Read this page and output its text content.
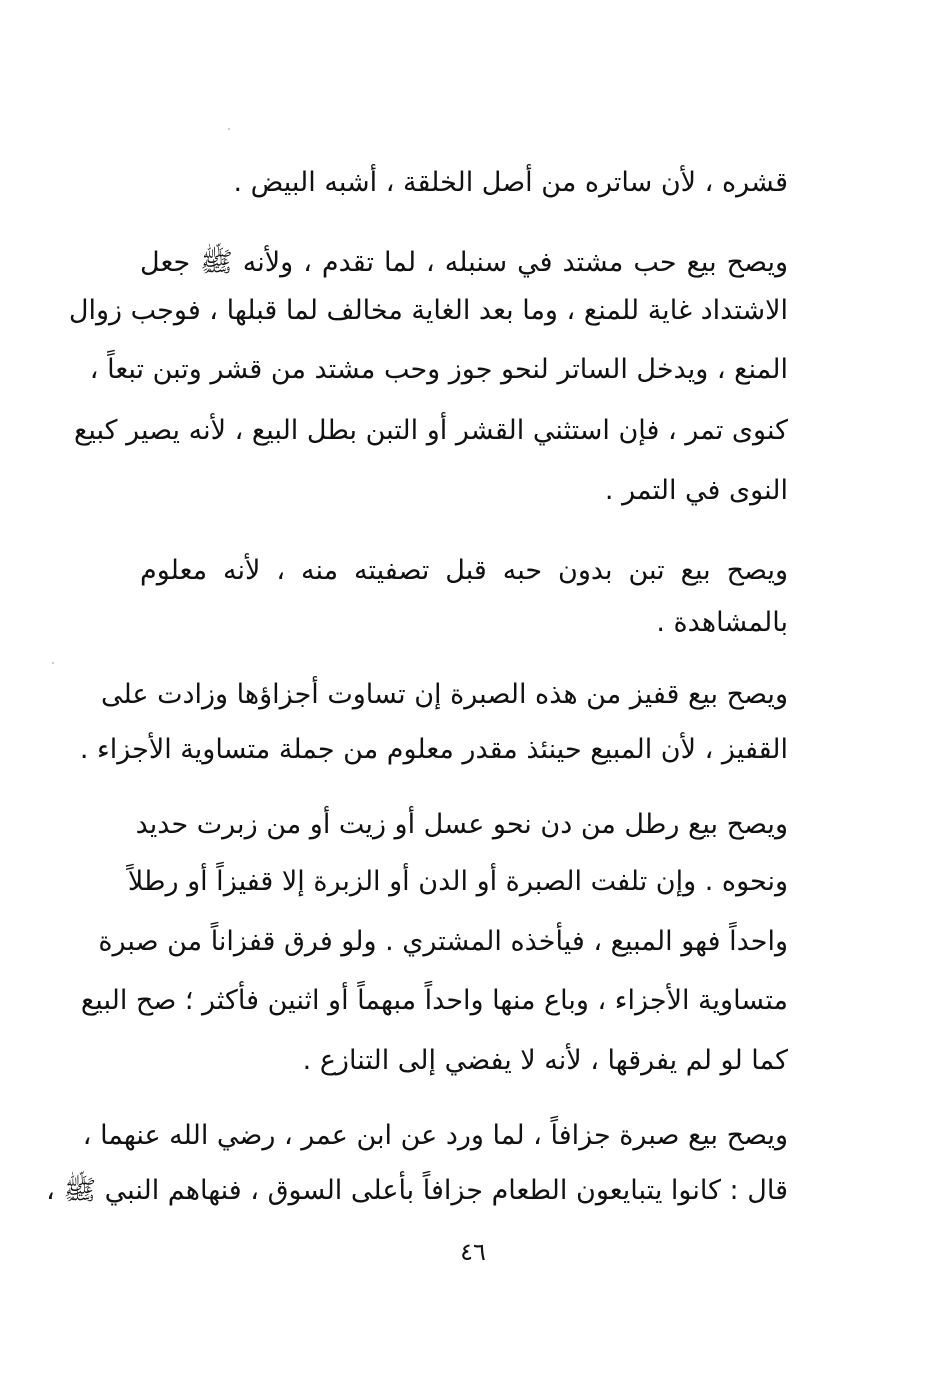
قشره ، لأن ساتره من أصل الخلقة ، أشبه البيض .
ويصح بيع حب مشتد في سنبله ، لما تقدم ، ولأنه ﷺ جعل
الاشتداد غاية للمنع ، وما بعد الغاية مخالف لما قبلها ، فوجب زوال
المنع ، ويدخل الساتر لنحو جوز وحب مشتد من قشر وتبن تبعاً ،
كنوى تمر ، فإن استثني القشر أو التبن بطل البيع ، لأنه يصير كبيع
النوى في التمر .
ويصح بيع تبن بدون حبه قبل تصفيته منه ، لأنه معلوم
بالمشاهدة .
ويصح بيع قفيز من هذه الصبرة إن تساوت أجزاؤها وزادت على
القفيز ، لأن المبيع حينئذ مقدر معلوم من جملة متساوية الأجزاء .
ويصح بيع رطل من دن نحو عسل أو زيت أو من زبرت حديد
ونحوه . وإن تلفت الصبرة أو الدن أو الزبرة إلا قفيزاً أو رطلاً
واحداً فهو المبيع ، فيأخذه المشتري . ولو فرق قفزاناً من صبرة
متساوية الأجزاء ، وباع منها واحداً مبهماً أو اثنين فأكثر ؛ صح البيع
كما لو لم يفرقها ، لأنه لا يفضي إلى التنازع .
ويصح بيع صبرة جزافاً ، لما ورد عن ابن عمر ، رضي الله عنهما ،
قال : كانوا يتبايعون الطعام جزافاً بأعلى السوق ، فنهاهم النبي ﷺ ،
٤٦
